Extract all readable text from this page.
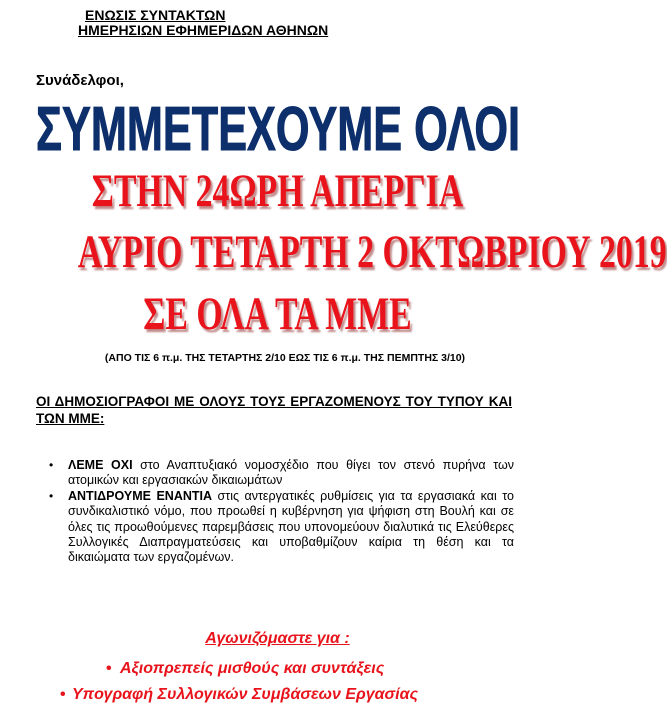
ΕΝΩΣΙΣ ΣΥΝΤΑΚΤΩΝ
ΗΜΕΡΗΣΙΩΝ ΕΦΗΜΕΡΙΔΩΝ ΑΘΗΝΩΝ
Συνάδελφοι,
ΣΥΜΜΕΤΕΧΟΥΜΕ ΟΛΟΙ
ΣΤΗΝ 24ΩΡΗ ΑΠΕΡΓΙΑ
ΑΥΡΙΟ ΤΕΤΑΡΤΗ 2 ΟΚΤΩΒΡΙΟΥ 2019
ΣΕ ΟΛΑ ΤΑ ΜΜΕ
(ΑΠΟ ΤΙΣ 6 π.μ. ΤΗΣ ΤΕΤΑΡΤΗΣ 2/10 ΕΩΣ ΤΙΣ 6 π.μ. ΤΗΣ ΠΕΜΠΤΗΣ 3/10)
ΟΙ ΔΗΜΟΣΙΟΓΡΑΦΟΙ ΜΕ ΟΛΟΥΣ ΤΟΥΣ ΕΡΓΑΖΟΜΕΝΟΥΣ ΤΟΥ ΤΥΠΟΥ ΚΑΙ ΤΩΝ ΜΜΕ:
• ΛΕΜΕ ΟΧΙ στο Αναπτυξιακό νομοσχέδιο που θίγει τον στενό πυρήνα των ατομικών και εργασιακών δικαιωμάτων
• ΑΝΤΙΔΡΟΥΜΕ ΕΝΑΝΤΙΑ στις αντεργατικές ρυθμίσεις για τα εργασιακά και το συνδικαλιστικό νόμο, που προωθεί η κυβέρνηση για ψήφιση στη Βουλή και σε όλες τις προωθούμενες παρεμβάσεις που υπονομεύουν διαλυτικά τις Ελεύθερες Συλλογικές Διαπραγματεύσεις και υποβαθμίζουν καίρια τη θέση και τα δικαιώματα των εργαζομένων.
Αγωνιζόμαστε για :
• Αξιοπρεπείς μισθούς και συντάξεις
• Υπογραφή Συλλογικών Συμβάσεων Εργασίας
